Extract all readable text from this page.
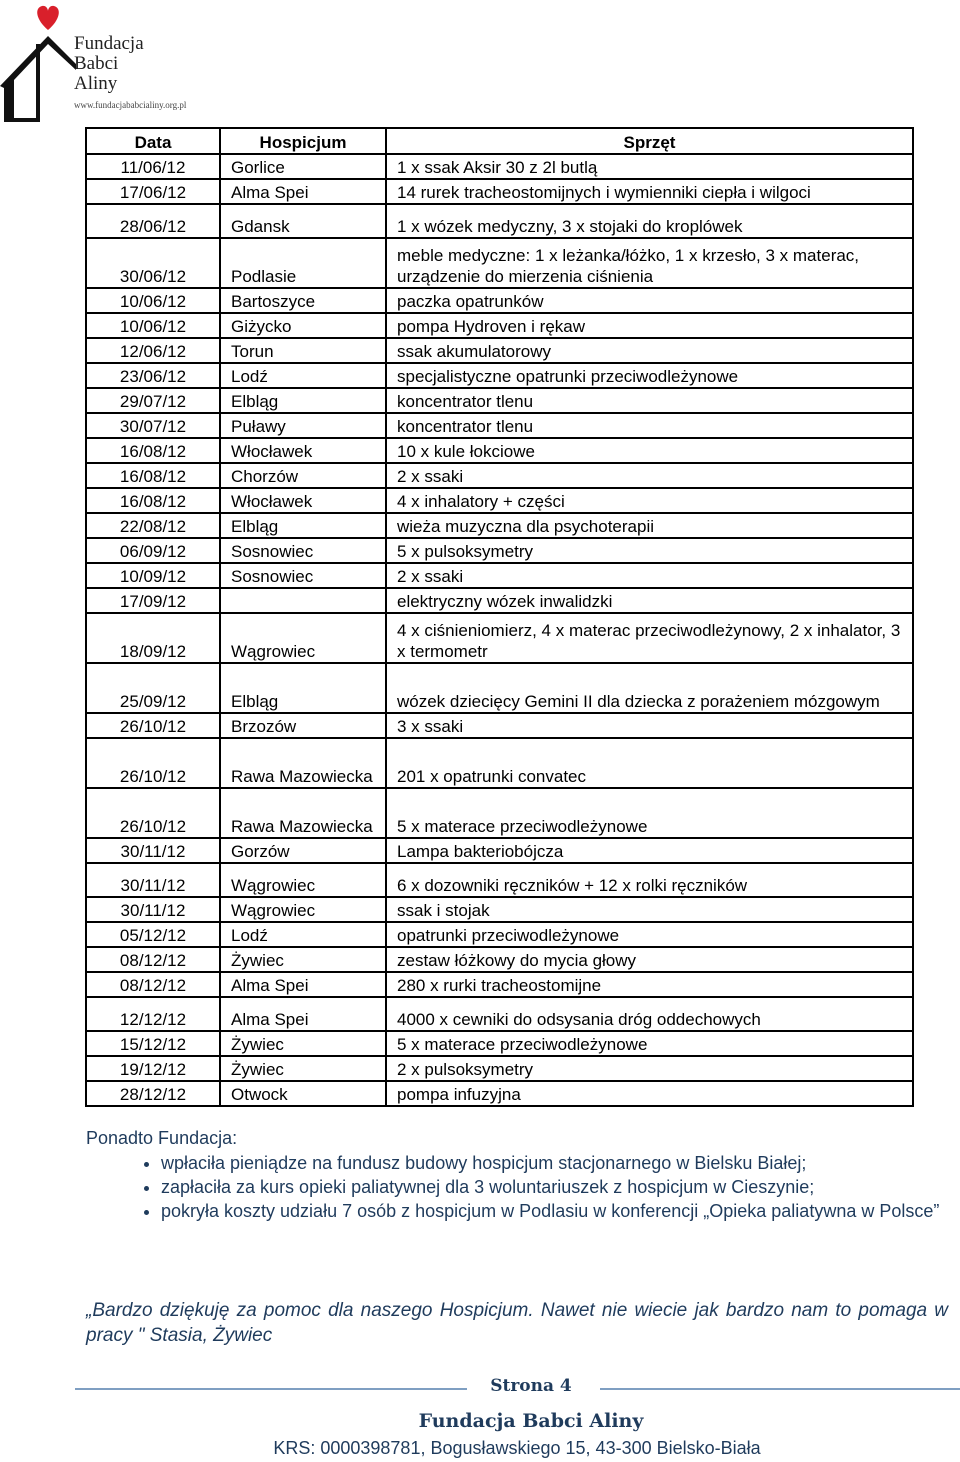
Fundacja
Babci
Aliny
www.fundacjababcialiny.org.pl
Data	Hospicjum	Sprzęt
11/06/12	Gorlice	1 x ssak Aksir 30 z 2l butlą
17/06/12	Alma Spei	14 rurek tracheostomijnych i wymienniki ciepła i wilgoci
28/06/12	Gdansk	1 x wózek medyczny, 3 x stojaki do kroplówek
30/06/12	Podlasie	meble medyczne: 1 x leżanka/łóżko, 1 x krzesło, 3 x materac, urządzenie do mierzenia ciśnienia
10/06/12	Bartoszyce	paczka opatrunków
10/06/12	Giżycko	pompa Hydroven i rękaw
12/06/12	Torun	ssak akumulatorowy
23/06/12	Lodź	specjalistyczne opatrunki przeciwodleżynowe
29/07/12	Elbląg	koncentrator tlenu
30/07/12	Puławy	koncentrator tlenu
16/08/12	Włocławek	10 x kule łokciowe
16/08/12	Chorzów	2 x ssaki
16/08/12	Włocławek	4 x inhalatory + części
22/08/12	Elbląg	wieża muzyczna dla psychoterapii
06/09/12	Sosnowiec	5 x pulsoksymetry
10/09/12	Sosnowiec	2 x ssaki
17/09/12		elektryczny wózek inwalidzki
18/09/12	Wągrowiec	4 x ciśnieniomierz, 4 x materac przeciwodleżynowy, 2 x inhalator, 3 x termometr
25/09/12	Elbląg	wózek dziecięcy Gemini II dla dziecka z porażeniem mózgowym
26/10/12	Brzozów	3 x ssaki
26/10/12	Rawa Mazowiecka	201 x opatrunki convatec
26/10/12	Rawa Mazowiecka	5 x materace przeciwodleżynowe
30/11/12	Gorzów	Lampa bakteriobójcza
30/11/12	Wągrowiec	6 x dozowniki ręczników + 12 x rolki ręczników
30/11/12	Wągrowiec	ssak i stojak
05/12/12	Lodź	opatrunki przeciwodleżynowe
08/12/12	Żywiec	zestaw łóżkowy do mycia głowy
08/12/12	Alma Spei	280 x rurki tracheostomijne
12/12/12	Alma Spei	4000 x cewniki do odsysania dróg oddechowych
15/12/12	Żywiec	5 x materace przeciwodleżynowe
19/12/12	Żywiec	2 x pulsoksymetry
28/12/12	Otwock	pompa infuzyjna
Ponadto Fundacja:
• wpłaciła pieniądze na fundusz budowy hospicjum stacjonarnego w Bielsku Białej;
• zapłaciła za kurs opieki paliatywnej dla 3 woluntariuszek z hospicjum w Cieszynie;
• pokryła koszty udziału 7 osób z hospicjum w Podlasiu w konferencji „Opieka paliatywna w Polsce”
„Bardzo dziękuję za pomoc dla naszego Hospicjum. Nawet nie wiecie jak bardzo nam to pomaga w pracy " Stasia, Żywiec
Strona 4
Fundacja Babci Aliny
KRS: 0000398781, Bogusławskiego 15, 43-300 Bielsko-Biała
